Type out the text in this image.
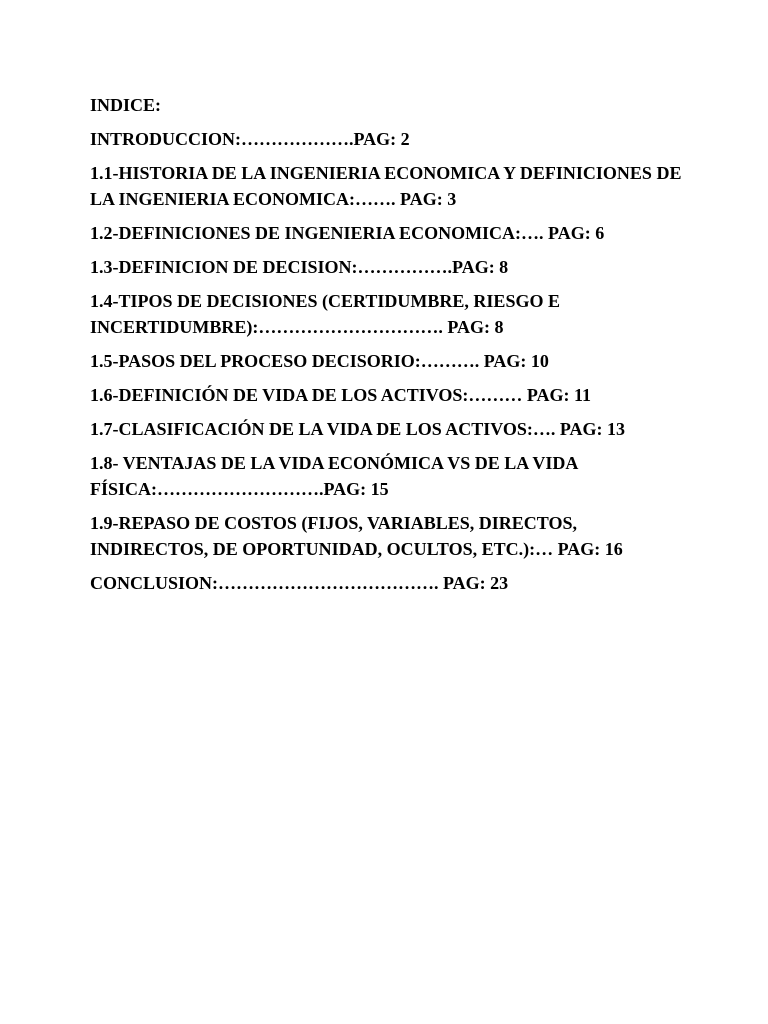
INDICE:

INTRODUCCION:……………….PAG: 2

1.1-HISTORIA DE LA INGENIERIA ECONOMICA Y DEFINICIONES DE LA INGENIERIA ECONOMICA:……. PAG: 3

1.2-DEFINICIONES DE INGENIERIA ECONOMICA:…. PAG: 6

1.3-DEFINICION DE DECISION:…………….PAG: 8

1.4-TIPOS DE DECISIONES (CERTIDUMBRE, RIESGO E INCERTIDUMBRE):…………………………. PAG: 8

1.5-PASOS DEL PROCESO DECISORIO:………. PAG: 10

1.6-DEFINICIÓN DE VIDA DE LOS ACTIVOS:……… PAG: 11

1.7-CLASIFICACIÓN DE LA VIDA DE LOS ACTIVOS:…. PAG: 13

1.8- VENTAJAS DE LA VIDA ECONÓMICA VS DE LA VIDA FÍSICA:……………………….PAG: 15

1.9-REPASO DE COSTOS (FIJOS, VARIABLES, DIRECTOS, INDIRECTOS, DE OPORTUNIDAD, OCULTOS, ETC.):… PAG: 16

CONCLUSION:………………………………. PAG: 23
